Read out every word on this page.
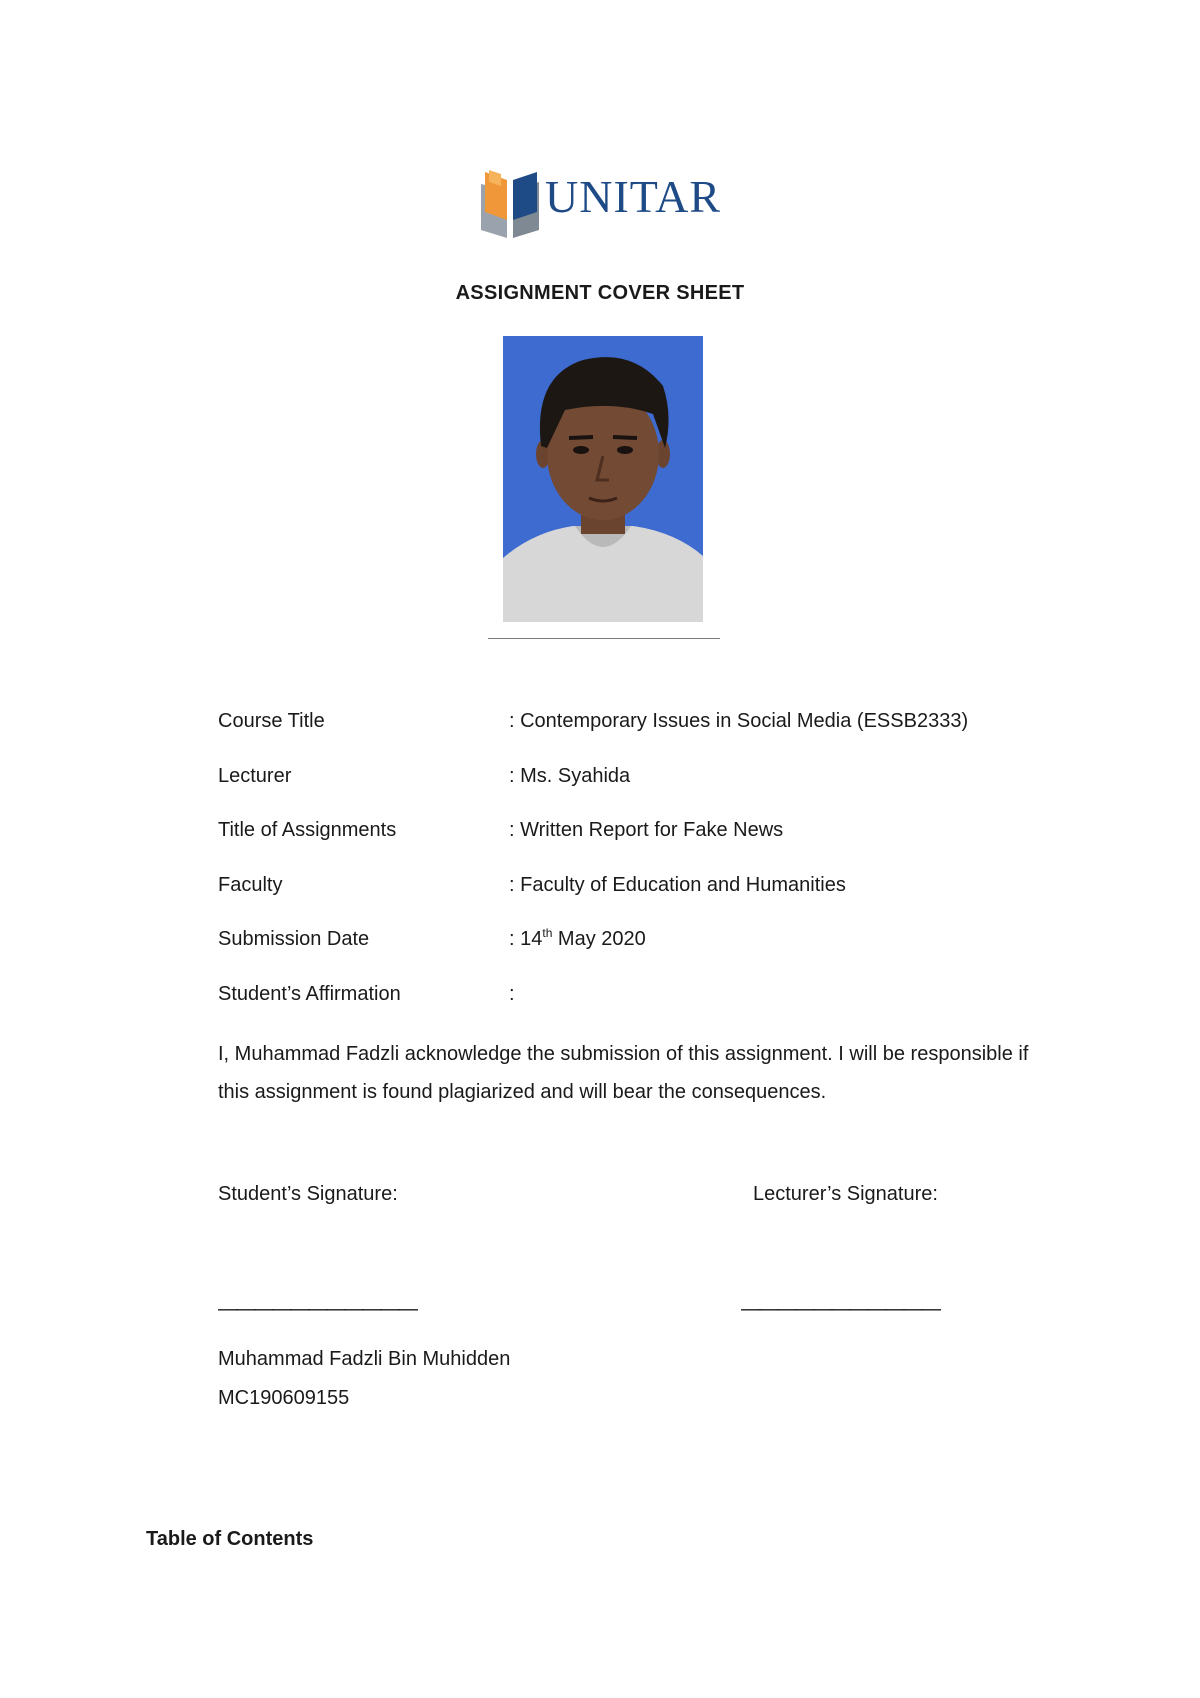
UNITAR
ASSIGNMENT COVER SHEET
Course Title	: Contemporary Issues in Social Media (ESSB2333)
Lecturer	: Ms. Syahida
Title of Assignments	: Written Report for Fake News
Faculty	: Faculty of Education and Humanities
Submission Date	: 14th May 2020
Student’s Affirmation	:
I, Muhammad Fadzli acknowledge the submission of this assignment. I will be responsible if this assignment is found plagiarized and will bear the consequences.
Student’s Signature:	Lecturer’s Signature:
———————————	———————————
Muhammad Fadzli Bin Muhidden
MC190609155
Table of Contents
